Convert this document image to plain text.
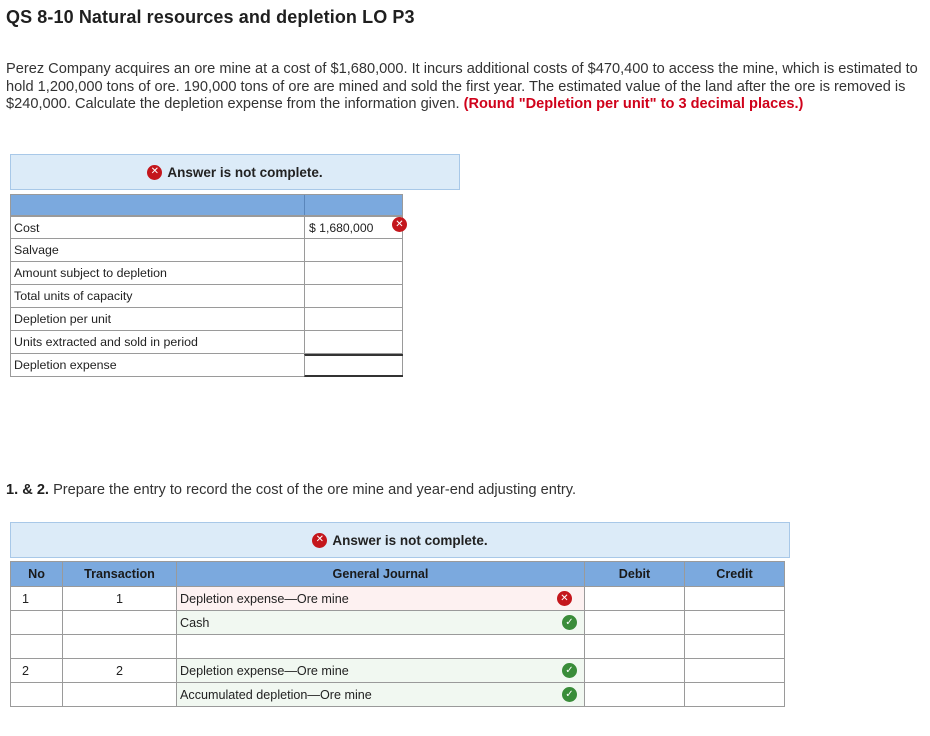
QS 8-10 Natural resources and depletion LO P3
Perez Company acquires an ore mine at a cost of $1,680,000. It incurs additional costs of $470,400 to access the mine, which is estimated to hold 1,200,000 tons of ore. 190,000 tons of ore are mined and sold the first year. The estimated value of the land after the ore is removed is $240,000. Calculate the depletion expense from the information given. (Round "Depletion per unit" to 3 decimal places.)
✕ Answer is not complete.
Cost	$ 1,680,000	✕
Salvage
Amount subject to depletion
Total units of capacity
Depletion per unit
Units extracted and sold in period
Depletion expense
1. & 2. Prepare the entry to record the cost of the ore mine and year-end adjusting entry.
✕ Answer is not complete.
No	Transaction	General Journal	Debit	Credit
1	1	Depletion expense—Ore mine ✕		

		Cash ✓		

2	2	Depletion expense—Ore mine ✓		

		Accumulated depletion—Ore mine ✓		
